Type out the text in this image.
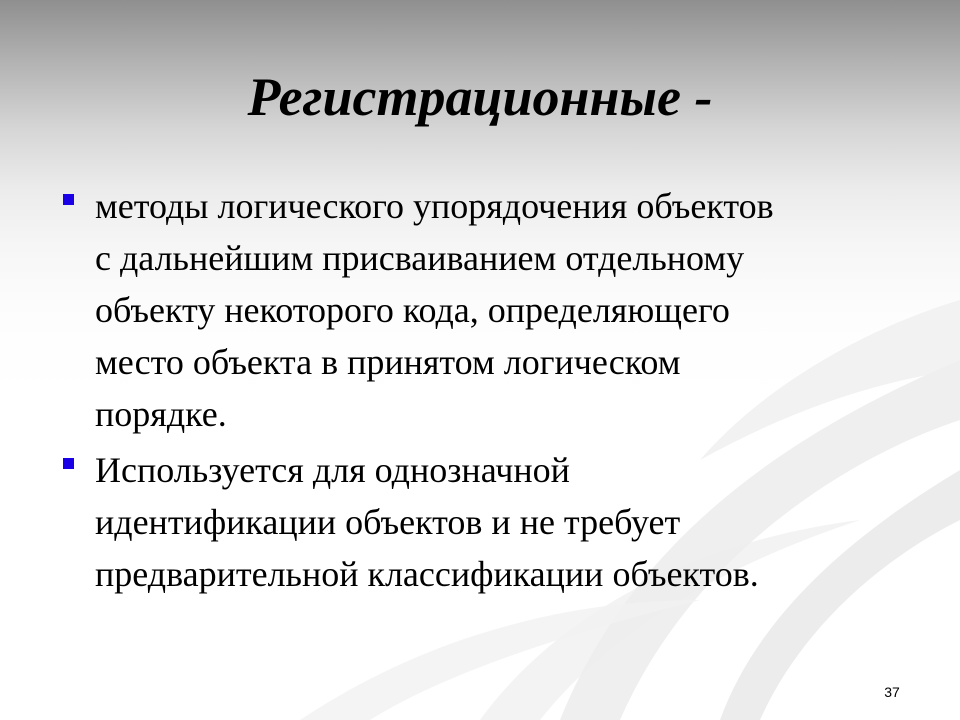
Регистрационные -
методы логического упорядочения объектов
с дальнейшим присваиванием отдельному
объекту некоторого кода, определяющего
место объекта в принятом логическом
порядке.
Используется для однозначной
идентификации объектов и не требует
предварительной классификации объектов.
37
